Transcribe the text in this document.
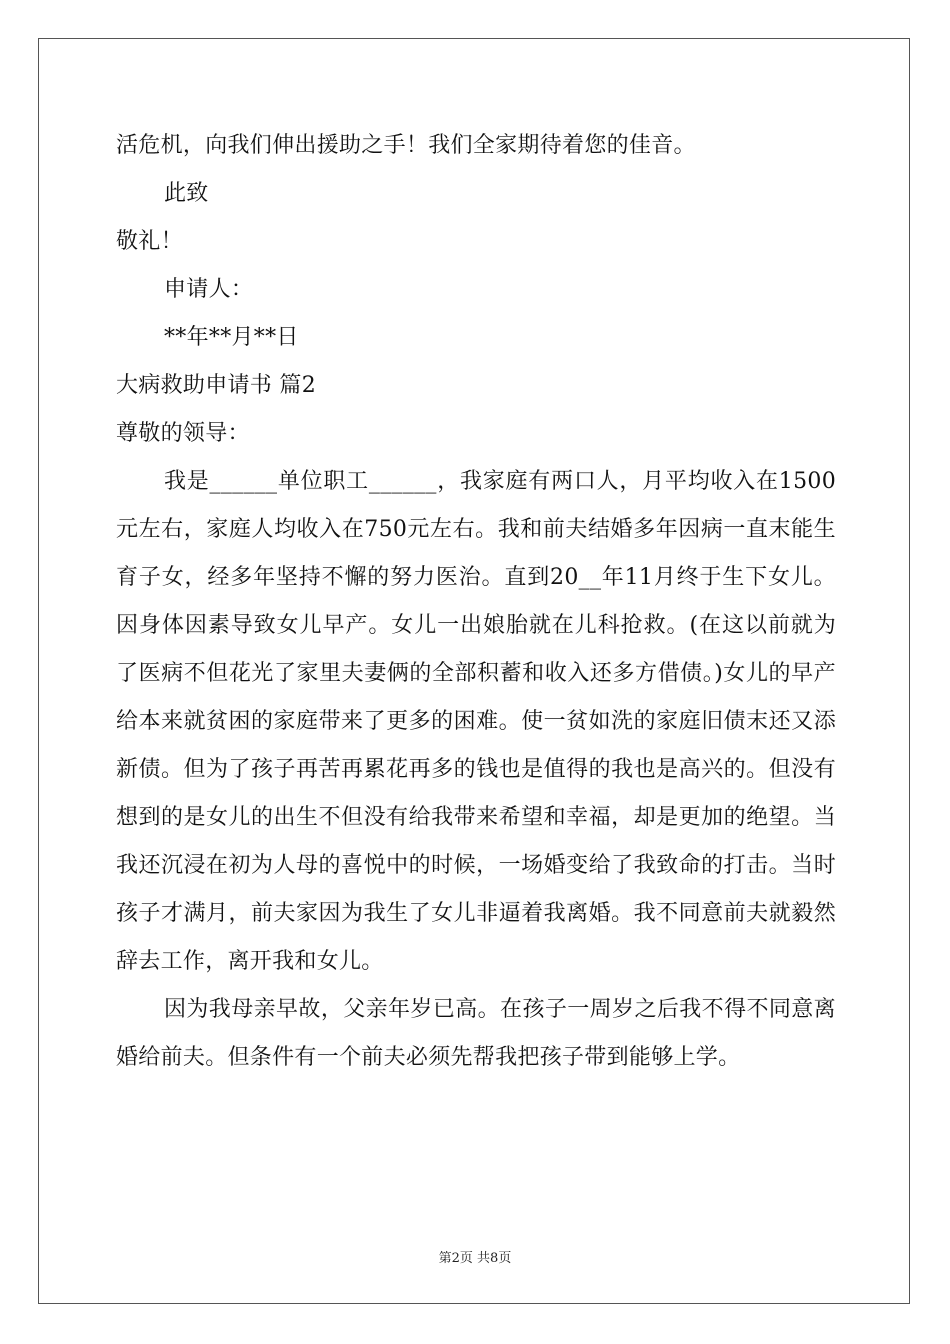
活危机，向我们伸出援助之手！我们全家期待着您的佳音。

此致

敬礼！

申请人：

**年**月**日

大病救助申请书 篇2

尊敬的领导：

我是______单位职工______，我家庭有两口人，月平均收入在1500元左右，家庭人均收入在750元左右。我和前夫结婚多年因病一直末能生育子女，经多年坚持不懈的努力医治。直到20__年11月终于生下女儿。因身体因素导致女儿早产。女儿一出娘胎就在儿科抢救。(在这以前就为了医病不但花光了家里夫妻俩的全部积蓄和收入还多方借债。)女儿的早产给本来就贫困的家庭带来了更多的困难。使一贫如洗的家庭旧债末还又添新债。但为了孩子再苦再累花再多的钱也是值得的我也是高兴的。但没有想到的是女儿的出生不但没有给我带来希望和幸福，却是更加的绝望。当我还沉浸在初为人母的喜悦中的时候，一场婚变给了我致命的打击。当时孩子才满月，前夫家因为我生了女儿非逼着我离婚。我不同意前夫就毅然辞去工作，离开我和女儿。

因为我母亲早故，父亲年岁已高。在孩子一周岁之后我不得不同意离婚给前夫。但条件有一个前夫必须先帮我把孩子带到能够上学。

第2页 共8页
